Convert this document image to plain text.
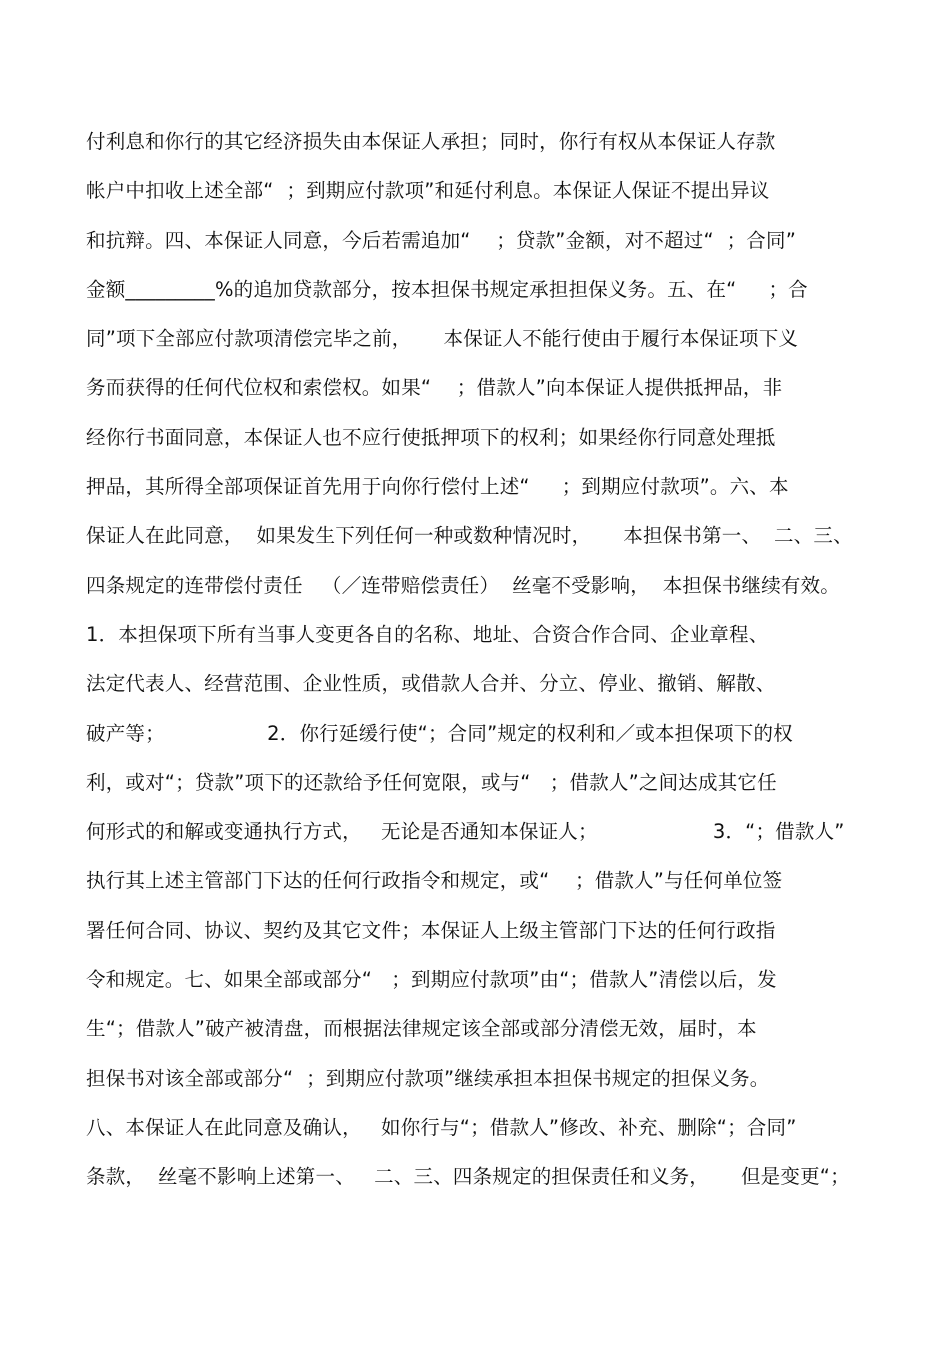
付利息和你行的其它经济损失由本保证人承担；同时，你行有权从本保证人存款
帐户中扣收上述全部“  ；到期应付款项”和延付利息。本保证人保证不提出异议
和抗辩。四、本保证人同意，今后若需追加“    ；贷款”金额，对不超过“  ；合同”
金额_________%的追加贷款部分，按本担保书规定承担担保义务。五、在“     ；合
同”项下全部应付款项清偿完毕之前，     本保证人不能行使由于履行本保证项下义
务而获得的任何代位权和索偿权。如果“    ；借款人”向本保证人提供抵押品，非
经你行书面同意，本保证人也不应行使抵押项下的权利；如果经你行同意处理抵
押品，其所得全部项保证首先用于向你行偿付上述“     ；到期应付款项”。六、本
保证人在此同意，  如果发生下列任何一种或数种情况时，     本担保书第一、  二、三、
四条规定的连带偿付责任   （／连带赔偿责任）  丝毫不受影响，  本担保书继续有效。
1．本担保项下所有当事人变更各自的名称、地址、合资合作合同、企业章程、
法定代表人、经营范围、企业性质，或借款人合并、分立、停业、撤销、解散、
破产等；                2．你行延缓行使“；合同”规定的权利和／或本担保项下的权
利，或对“；贷款”项下的还款给予任何宽限，或与“   ；借款人”之间达成其它任
何形式的和解或变通执行方式，   无论是否通知本保证人；                  3．“；借款人”
执行其上述主管部门下达的任何行政指令和规定，或“    ；借款人”与任何单位签
署任何合同、协议、契约及其它文件；本保证人上级主管部门下达的任何行政指
令和规定。七、如果全部或部分“   ；到期应付款项”由“；借款人”清偿以后，发
生“；借款人”破产被清盘，而根据法律规定该全部或部分清偿无效，届时，本
担保书对该全部或部分“  ；到期应付款项”继续承担本担保书规定的担保义务。
八、本保证人在此同意及确认，   如你行与“；借款人”修改、补充、删除“；合同”
条款，  丝毫不影响上述第一、   二、三、四条规定的担保责任和义务，     但是变更“；
